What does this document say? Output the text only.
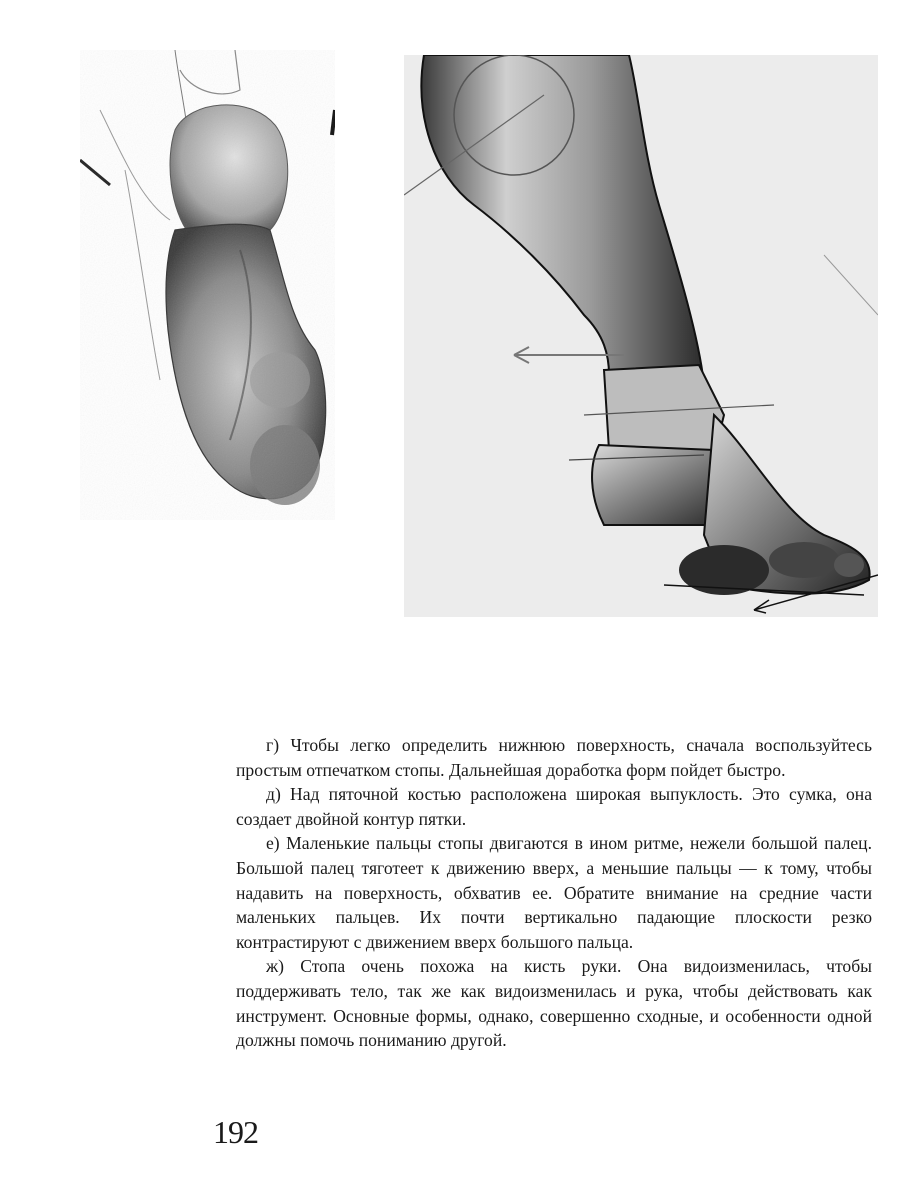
г) Чтобы легко определить нижнюю поверхность, сначала воспользуйтесь простым отпечатком стопы. Дальнейшая доработка форм пойдет быстро.

д) Над пяточной костью расположена широкая выпуклость. Это сумка, она создает двойной контур пятки.

е) Маленькие пальцы стопы двигаются в ином ритме, нежели большой палец. Большой палец тяготеет к движению вверх, а меньшие пальцы — к тому, чтобы надавить на поверхность, обхватив ее. Обратите внимание на средние части маленьких пальцев. Их почти вертикально падающие плоскости резко контрастируют с движением вверх большого пальца.

ж) Стопа очень похожа на кисть руки. Она видоизменилась, чтобы поддерживать тело, так же как видоизменилась и рука, чтобы действовать как инструмент. Основные формы, однако, совершенно сходные, и особенности одной должны помочь пониманию другой.

192
